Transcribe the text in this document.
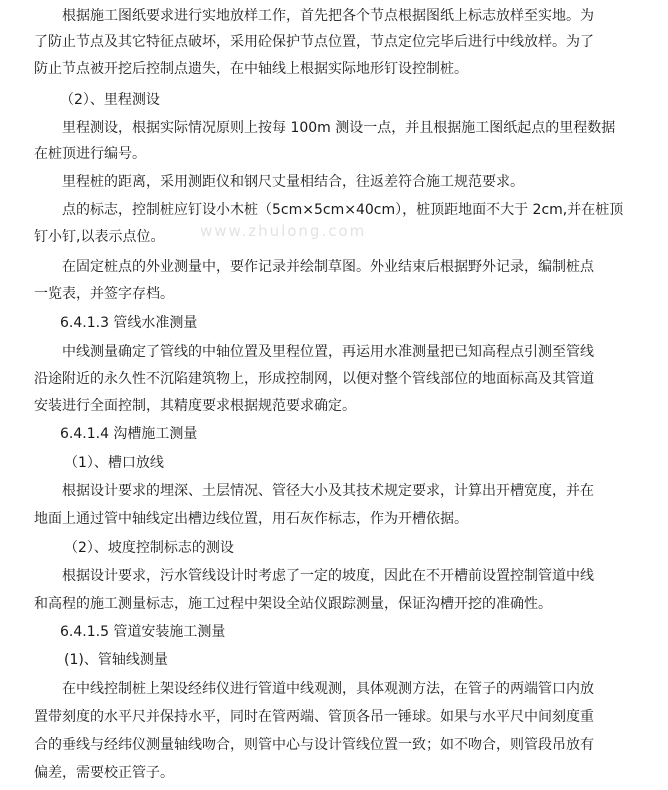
www.zhulong.com
根据施工图纸要求进行实地放样工作，首先把各个节点根据图纸上标志放样至实地。为
了防止节点及其它特征点破坏，采用砼保护节点位置，节点定位完毕后进行中线放样。为了
防止节点被开挖后控制点遗失，在中轴线上根据实际地形钉设控制桩。
（2）、里程测设
里程测设，根据实际情况原则上按每 100m 测设一点，并且根据施工图纸起点的里程数据
在桩顶进行编号。
里程桩的距离，采用测距仪和钢尺丈量相结合，往返差符合施工规范要求。
点的标志，控制桩应钉设小木桩（5cm×5cm×40cm），桩顶距地面不大于 2cm,并在桩顶
钉小钉,以表示点位。
在固定桩点的外业测量中，要作记录并绘制草图。外业结束后根据野外记录，编制桩点
一览表，并签字存档。
6.4.1.3 管线水准测量
中线测量确定了管线的中轴位置及里程位置，再运用水准测量把已知高程点引测至管线
沿途附近的永久性不沉陷建筑物上，形成控制网，以便对整个管线部位的地面标高及其管道
安装进行全面控制，其精度要求根据规范要求确定。
6.4.1.4 沟槽施工测量
（1）、槽口放线
根据设计要求的埋深、土层情况、管径大小及其技术规定要求，计算出开槽宽度，并在
地面上通过管中轴线定出槽边线位置，用石灰作标志，作为开槽依据。
（2）、坡度控制标志的测设
根据设计要求，污水管线设计时考虑了一定的坡度，因此在不开槽前设置控制管道中线
和高程的施工测量标志，施工过程中架设全站仪跟踪测量，保证沟槽开挖的准确性。
6.4.1.5 管道安装施工测量
(1)、管轴线测量
在中线控制桩上架设经纬仪进行管道中线观测，具体观测方法，在管子的两端管口内放
置带刻度的水平尺并保持水平，同时在管两端、管顶各吊一锤球。如果与水平尺中间刻度重
合的垂线与经纬仪测量轴线吻合，则管中心与设计管线位置一致；如不吻合，则管段吊放有
偏差，需要校正管子。
